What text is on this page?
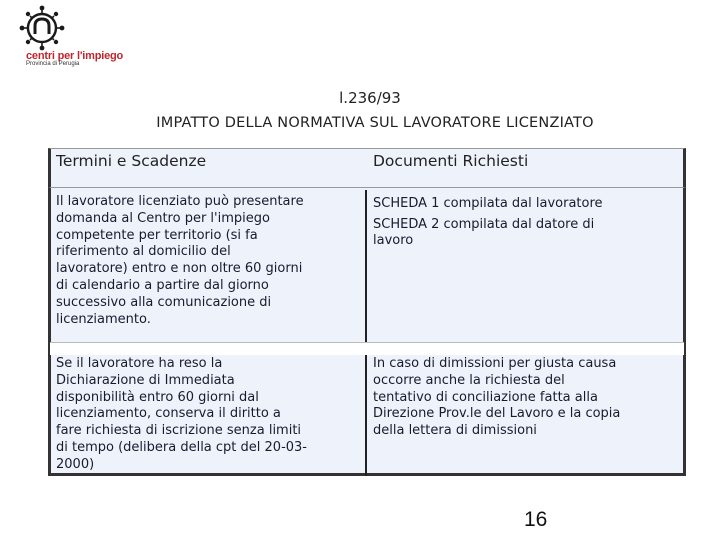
centri per l'impiego
Provincia di Perugia
l.236/93
IMPATTO DELLA NORMATIVA SUL LAVORATORE LICENZIATO
Termini e Scadenze	Documenti Richiesti
Il lavoratore licenziato può presentare
domanda al Centro per l'impiego
competente per territorio (si fa
riferimento al domicilio del
lavoratore) entro e non oltre 60 giorni
di calendario a partire dal giorno
successivo alla comunicazione di
licenziamento.
SCHEDA 1 compilata dal lavoratore
SCHEDA 2 compilata dal datore di
lavoro
Se il lavoratore ha reso la
Dichiarazione di Immediata
disponibilità entro 60 giorni dal
licenziamento, conserva il diritto a
fare richiesta di iscrizione senza limiti
di tempo (delibera della cpt del 20-03-
2000)
In caso di dimissioni per giusta causa
occorre anche la richiesta del
tentativo di conciliazione fatta alla
Direzione Prov.le del Lavoro e la copia
della lettera di dimissioni
16
